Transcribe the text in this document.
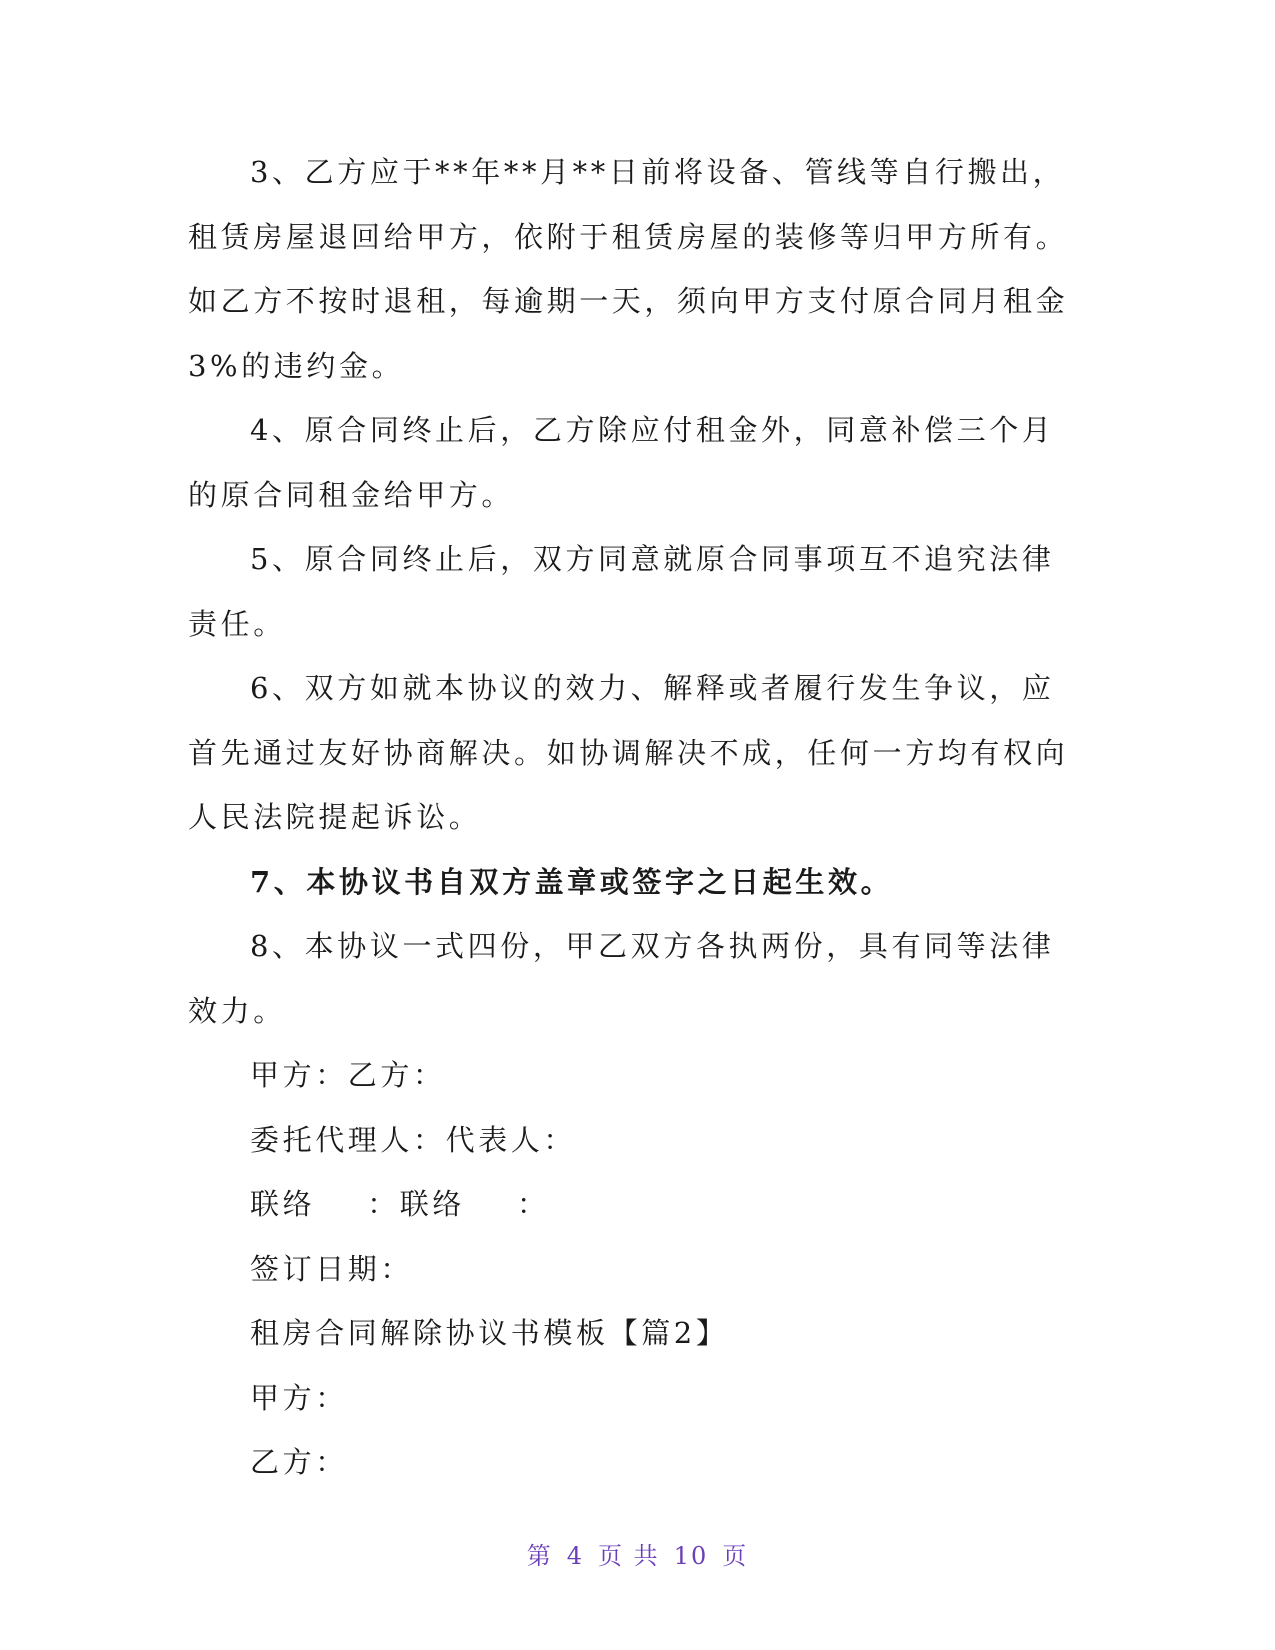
3、乙方应于**年**月**日前将设备、管线等自行搬出，
租赁房屋退回给甲方，依附于租赁房屋的装修等归甲方所有。
如乙方不按时退租，每逾期一天，须向甲方支付原合同月租金
3%的违约金。
4、原合同终止后，乙方除应付租金外，同意补偿三个月
的原合同租金给甲方。
5、原合同终止后，双方同意就原合同事项互不追究法律
责任。
6、双方如就本协议的效力、解释或者履行发生争议，应
首先通过友好协商解决。如协调解决不成，任何一方均有权向
人民法院提起诉讼。
7、本协议书自双方盖章或签字之日起生效。
8、本协议一式四份，甲乙双方各执两份，具有同等法律
效力。
甲方：乙方：
委托代理人：代表人：
联络 ：联络 ：
签订日期：
租房合同解除协议书模板【篇2】
甲方：
乙方：
第 4 页 共 10 页
